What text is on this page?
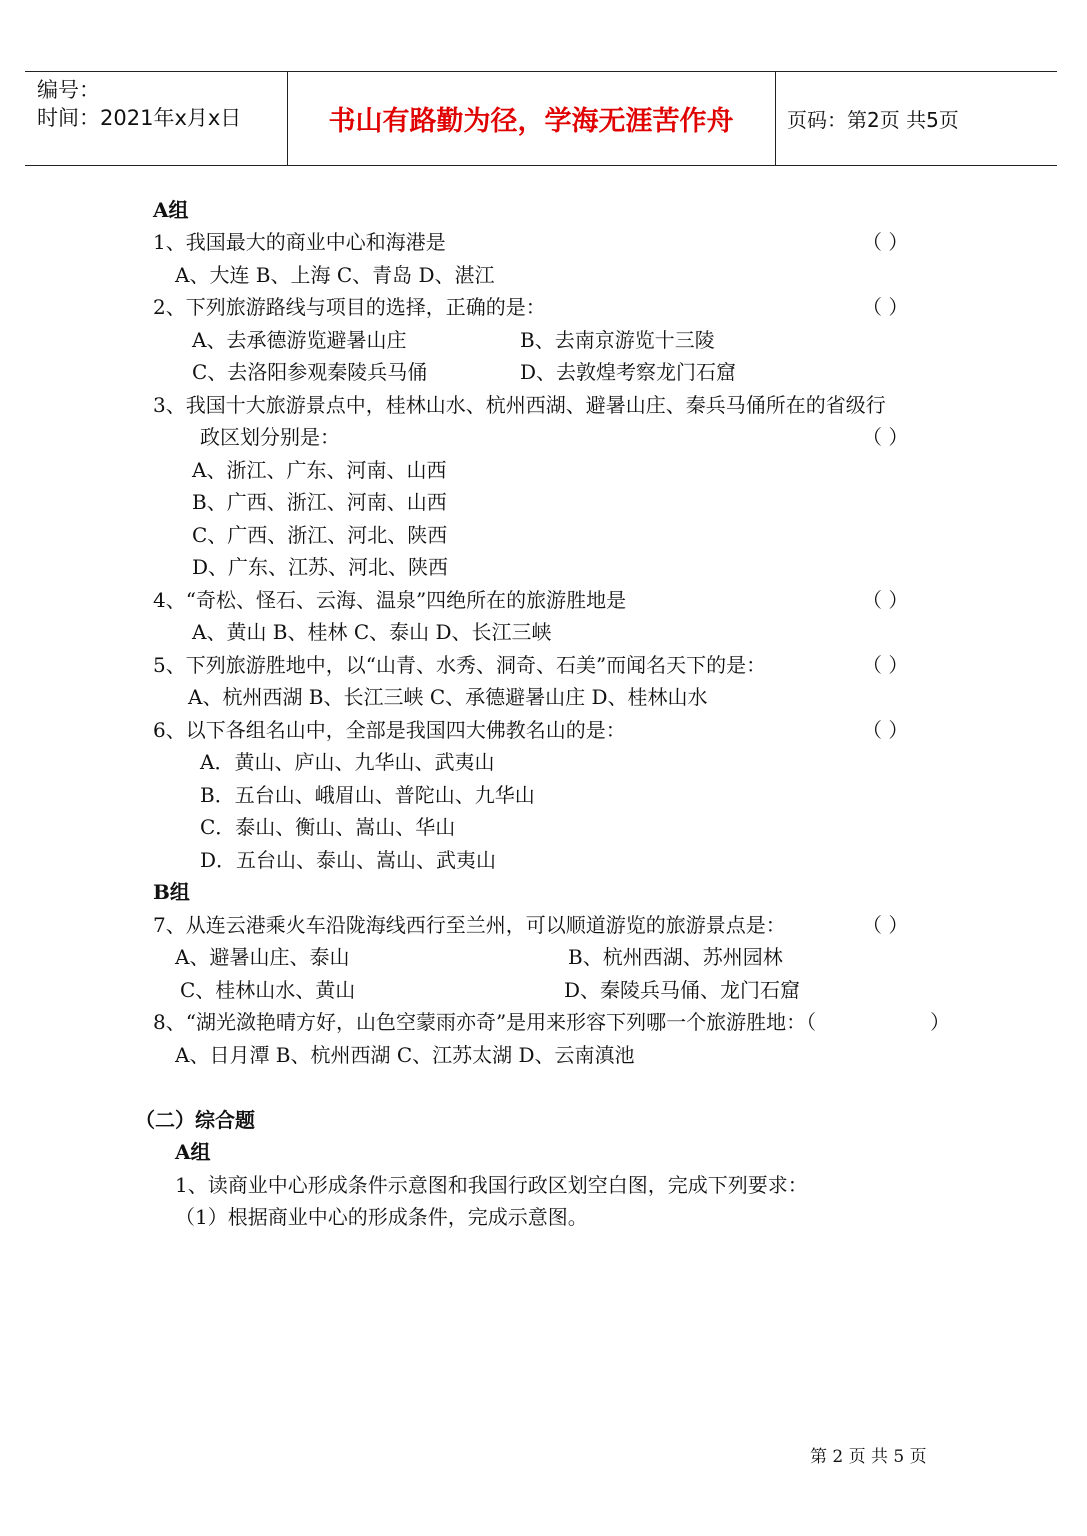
编号：
时间：2021年x月x日	书山有路勤为径，学海无涯苦作舟	页码：第2页 共5页
A组
1、我国最大的商业中心和海港是	（ ）
A、大连 B、上海 C、青岛 D、湛江
2、下列旅游路线与项目的选择，正确的是：	（ ）
A、去承德游览避暑山庄	B、去南京游览十三陵
C、去洛阳参观秦陵兵马俑	D、去敦煌考察龙门石窟
3、我国十大旅游景点中，桂林山水、杭州西湖、避暑山庄、秦兵马俑所在的省级行
政区划分别是：	（ ）
A、浙江、广东、河南、山西
B、广西、浙江、河南、山西
C、广西、浙江、河北、陕西
D、广东、江苏、河北、陕西
4、“奇松、怪石、云海、温泉”四绝所在的旅游胜地是	（ ）
A、黄山 B、桂林 C、泰山 D、长江三峡
5、下列旅游胜地中，以“山青、水秀、洞奇、石美”而闻名天下的是：	（ ）
A、杭州西湖 B、长江三峡 C、承德避暑山庄 D、桂林山水
6、以下各组名山中，全部是我国四大佛教名山的是：	（ ）
A．黄山、庐山、九华山、武夷山
B．五台山、峨眉山、普陀山、九华山
C．泰山、衡山、嵩山、华山
D．五台山、泰山、嵩山、武夷山
B组
7、从连云港乘火车沿陇海线西行至兰州，可以顺道游览的旅游景点是：	（ ）
A、避暑山庄、泰山	B、杭州西湖、苏州园林
C、桂林山水、黄山	D、秦陵兵马俑、龙门石窟
8、“湖光潋艳晴方好，山色空蒙雨亦奇”是用来形容下列哪一个旅游胜地：（	）
A、日月潭 B、杭州西湖 C、江苏太湖 D、云南滇池
（二）综合题
A组
1、读商业中心形成条件示意图和我国行政区划空白图，完成下列要求：
（1）根据商业中心的形成条件，完成示意图。
第 2 页 共 5 页
